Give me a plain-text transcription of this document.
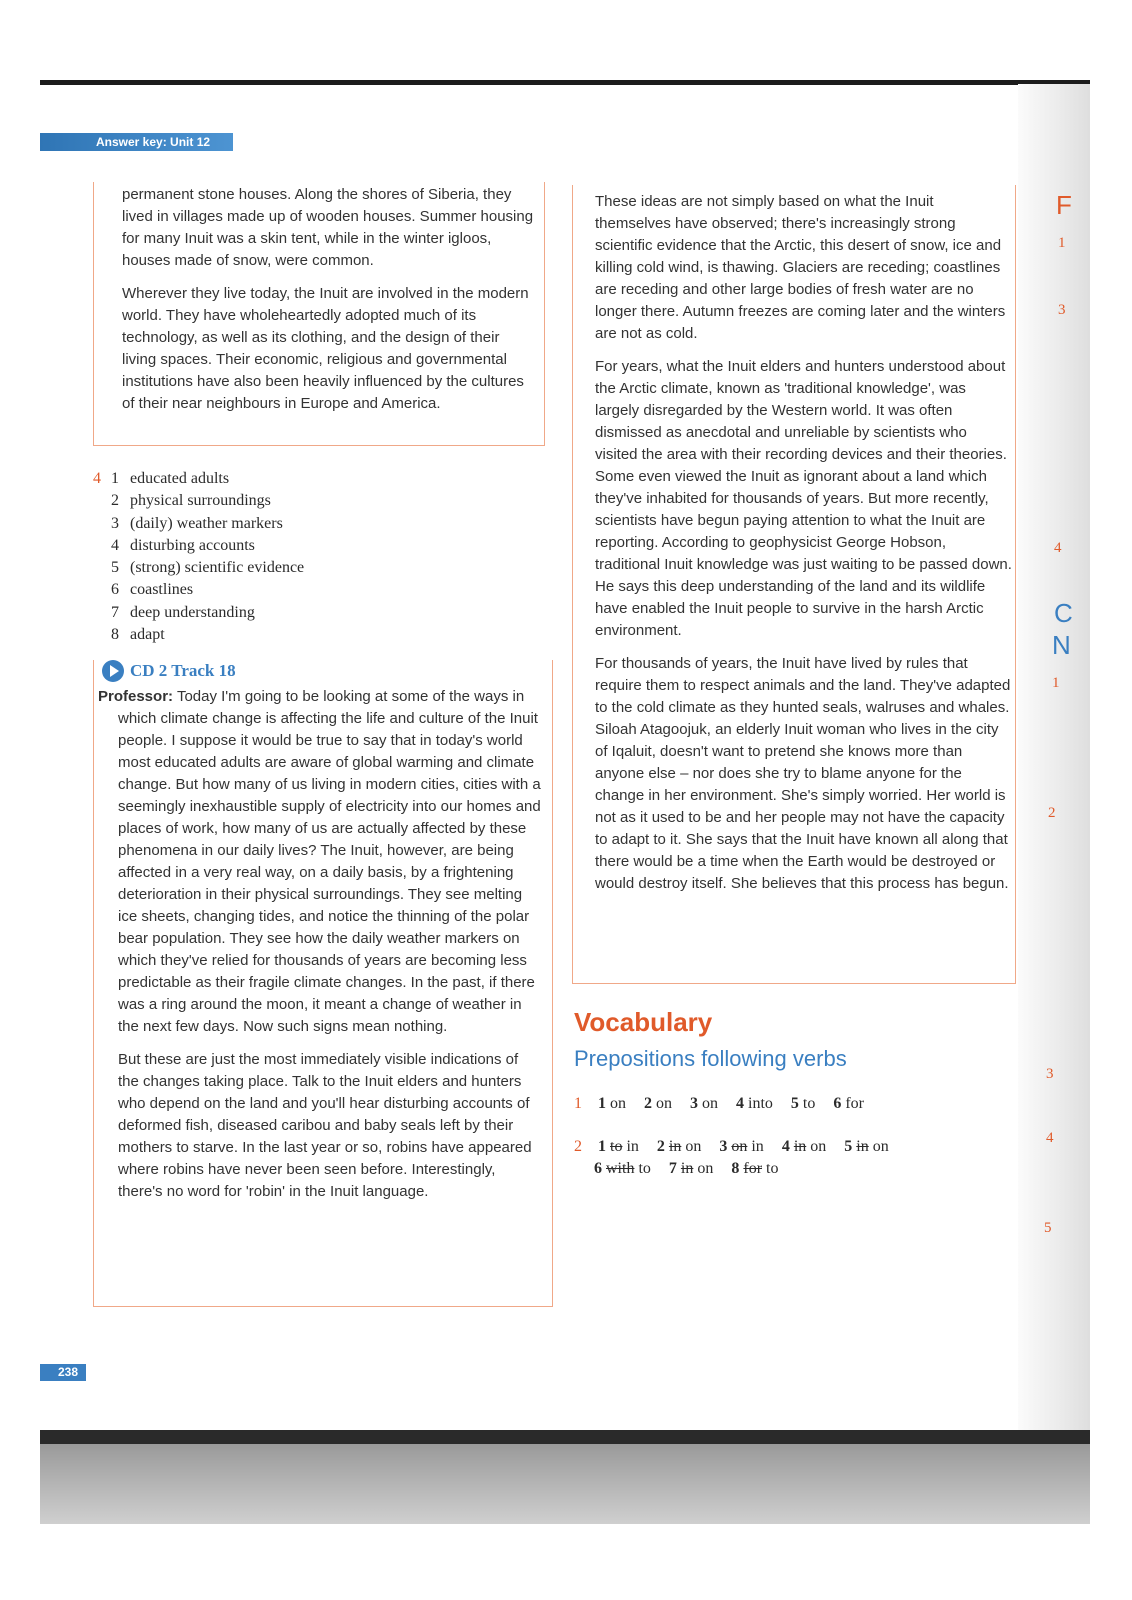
Answer key: Unit 12

permanent stone houses. Along the shores of Siberia, they lived in villages made up of wooden houses. Summer housing for many Inuit was a skin tent, while in the winter igloos, houses made of snow, were common.

Wherever they live today, the Inuit are involved in the modern world. They have wholeheartedly adopted much of its technology, as well as its clothing, and the design of their living spaces. Their economic, religious and governmental institutions have also been heavily influenced by the cultures of their near neighbours in Europe and America.

4 1 educated adults
2 physical surroundings
3 (daily) weather markers
4 disturbing accounts
5 (strong) scientific evidence
6 coastlines
7 deep understanding
8 adapt
CD 2 Track 18

Professor: Today I'm going to be looking at some of the ways in which climate change is affecting the life and culture of the Inuit people. I suppose it would be true to say that in today's world most educated adults are aware of global warming and climate change. But how many of us living in modern cities, cities with a seemingly inexhaustible supply of electricity into our homes and places of work, how many of us are actually affected by these phenomena in our daily lives? The Inuit, however, are being affected in a very real way, on a daily basis, by a frightening deterioration in their physical surroundings. They see melting ice sheets, changing tides, and notice the thinning of the polar bear population. They see how the daily weather markers on which they've relied for thousands of years are becoming less predictable as their fragile climate changes. In the past, if there was a ring around the moon, it meant a change of weather in the next few days. Now such signs mean nothing.

But these are just the most immediately visible indications of the changes taking place. Talk to the Inuit elders and hunters who depend on the land and you'll hear disturbing accounts of deformed fish, diseased caribou and baby seals left by their mothers to starve. In the last year or so, robins have appeared where robins have never been seen before. Interestingly, there's no word for 'robin' in the Inuit language.

These ideas are not simply based on what the Inuit themselves have observed; there's increasingly strong scientific evidence that the Arctic, this desert of snow, ice and killing cold wind, is thawing. Glaciers are receding; coastlines are receding and other large bodies of fresh water are no longer there. Autumn freezes are coming later and the winters are not as cold.

For years, what the Inuit elders and hunters understood about the Arctic climate, known as 'traditional knowledge', was largely disregarded by the Western world. It was often dismissed as anecdotal and unreliable by scientists who visited the area with their recording devices and their theories. Some even viewed the Inuit as ignorant about a land which they've inhabited for thousands of years. But more recently, scientists have begun paying attention to what the Inuit are reporting. According to geophysicist George Hobson, traditional Inuit knowledge was just waiting to be passed down. He says this deep understanding of the land and its wildlife have enabled the Inuit people to survive in the harsh Arctic environment.

For thousands of years, the Inuit have lived by rules that require them to respect animals and the land. They've adapted to the cold climate as they hunted seals, walruses and whales. Siloah Atagoojuk, an elderly Inuit woman who lives in the city of Iqaluit, doesn't want to pretend she knows more than anyone else – nor does she try to blame anyone for the change in her environment. She's simply worried. Her world is not as it used to be and her people may not have the capacity to adapt to it. She says that the Inuit have known all along that there would be a time when the Earth would be destroyed or would destroy itself. She believes that this process has begun.

Vocabulary
Prepositions following verbs
1 1 on 2 on 3 on 4 into 5 to 6 for
2 1 to in 2 in on 3 on in 4 in on 5 in on
6 with to 7 in on 8 for to
F
C
N
1
3
4
1
2
3
4
5
238
